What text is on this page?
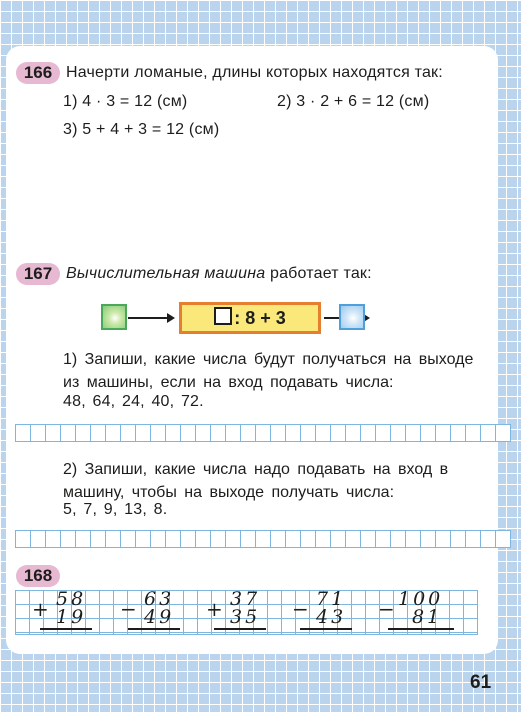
166 Начерти ломаные, длины которых находятся так:
1) 4 · 3 = 12 (см)	2) 3 · 2 + 6 = 12 (см)
3) 5 + 4 + 3 = 12 (см)
167 Вычислительная машина работает так:
: 8 + 3
1) Запиши, какие числа будут получаться на выходе из машины, если на вход подавать числа:
48, 64, 24, 40, 72.
2) Запиши, какие числа надо подавать на вход в машину, чтобы на выходе получать числа:
5, 7, 9, 13, 8.
168
+ 58
19 − 63
49 + 37
35 − 71
43 − 100
81
61
